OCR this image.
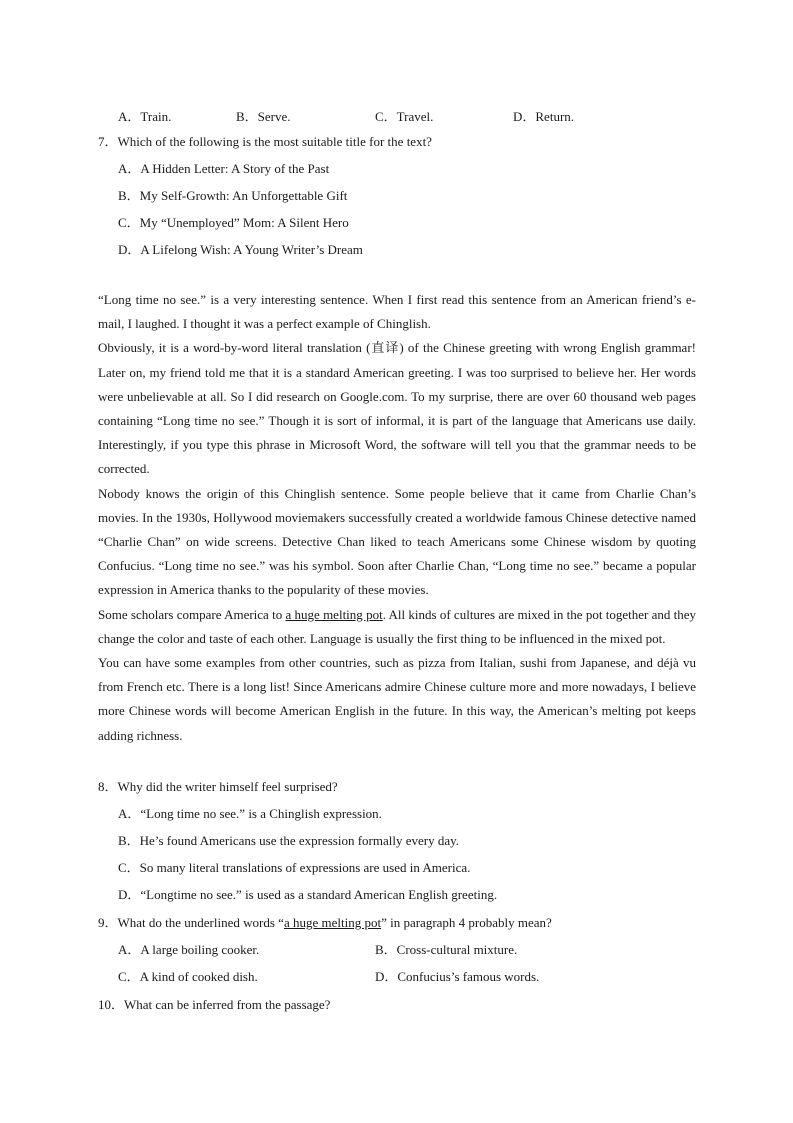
A．Train.	B．Serve.	C．Travel.	D．Return.
7．Which of the following is the most suitable title for the text?
A．A Hidden Letter: A Story of the Past
B．My Self-Growth: An Unforgettable Gift
C．My “Unemployed” Mom: A Silent Hero
D．A Lifelong Wish: A Young Writer’s Dream

“Long time no see.” is a very interesting sentence. When I first read this sentence from an American friend’s e-mail, I laughed. I thought it was a perfect example of Chinglish.

Obviously, it is a word-by-word literal translation (直译) of the Chinese greeting with wrong English grammar! Later on, my friend told me that it is a standard American greeting. I was too surprised to believe her. Her words were unbelievable at all. So I did research on Google.com. To my surprise, there are over 60 thousand web pages containing “Long time no see.” Though it is sort of informal, it is part of the language that Americans use daily. Interestingly, if you type this phrase in Microsoft Word, the software will tell you that the grammar needs to be corrected.

Nobody knows the origin of this Chinglish sentence. Some people believe that it came from Charlie Chan’s movies. In the 1930s, Hollywood moviemakers successfully created a worldwide famous Chinese detective named “Charlie Chan” on wide screens. Detective Chan liked to teach Americans some Chinese wisdom by quoting Confucius. “Long time no see.” was his symbol. Soon after Charlie Chan, “Long time no see.” became a popular expression in America thanks to the popularity of these movies.

Some scholars compare America to a huge melting pot. All kinds of cultures are mixed in the pot together and they change the color and taste of each other. Language is usually the first thing to be influenced in the mixed pot.

You can have some examples from other countries, such as pizza from Italian, sushi from Japanese, and déjà vu from French etc. There is a long list! Since Americans admire Chinese culture more and more nowadays, I believe more Chinese words will become American English in the future. In this way, the American’s melting pot keeps adding richness.

8．Why did the writer himself feel surprised?
A．“Long time no see.” is a Chinglish expression.
B．He’s found Americans use the expression formally every day.
C．So many literal translations of expressions are used in America.
D．“Longtime no see.” is used as a standard American English greeting.
9．What do the underlined words “a huge melting pot” in paragraph 4 probably mean?
A．A large boiling cooker.	B．Cross-cultural mixture.
C．A kind of cooked dish.	D．Confucius’s famous words.
10．What can be inferred from the passage?
